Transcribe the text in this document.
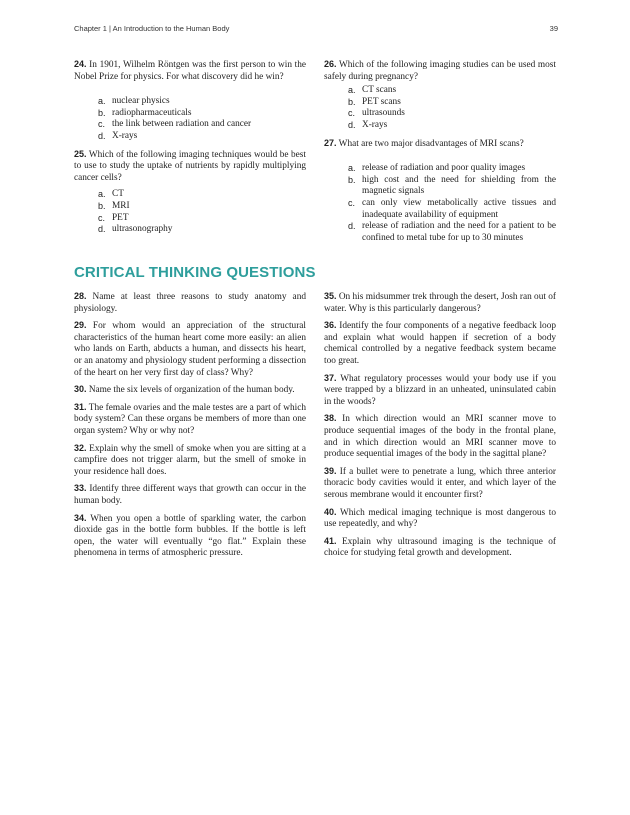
Chapter 1 | An Introduction to the Human Body	39

24. In 1901, Wilhelm Röntgen was the first person to win the Nobel Prize for physics. For what discovery did he win?

a. nuclear physics
b. radiopharmaceuticals
c. the link between radiation and cancer
d. X-rays

25. Which of the following imaging techniques would be best to use to study the uptake of nutrients by rapidly multiplying cancer cells?

a. CT
b. MRI
c. PET
d. ultrasonography

26. Which of the following imaging studies can be used most safely during pregnancy?

a. CT scans
b. PET scans
c. ultrasounds
d. X-rays

27. What are two major disadvantages of MRI scans?

a. release of radiation and poor quality images
b. high cost and the need for shielding from the magnetic signals
c. can only view metabolically active tissues and inadequate availability of equipment
d. release of radiation and the need for a patient to be confined to metal tube for up to 30 minutes
CRITICAL THINKING QUESTIONS

28. Name at least three reasons to study anatomy and physiology.

29. For whom would an appreciation of the structural characteristics of the human heart come more easily: an alien who lands on Earth, abducts a human, and dissects his heart, or an anatomy and physiology student performing a dissection of the heart on her very first day of class? Why?

30. Name the six levels of organization of the human body.

31. The female ovaries and the male testes are a part of which body system? Can these organs be members of more than one organ system? Why or why not?

32. Explain why the smell of smoke when you are sitting at a campfire does not trigger alarm, but the smell of smoke in your residence hall does.

33. Identify three different ways that growth can occur in the human body.

34. When you open a bottle of sparkling water, the carbon dioxide gas in the bottle form bubbles. If the bottle is left open, the water will eventually “go flat.” Explain these phenomena in terms of atmospheric pressure.

35. On his midsummer trek through the desert, Josh ran out of water. Why is this particularly dangerous?

36. Identify the four components of a negative feedback loop and explain what would happen if secretion of a body chemical controlled by a negative feedback system became too great.

37. What regulatory processes would your body use if you were trapped by a blizzard in an unheated, uninsulated cabin in the woods?

38. In which direction would an MRI scanner move to produce sequential images of the body in the frontal plane, and in which direction would an MRI scanner move to produce sequential images of the body in the sagittal plane?

39. If a bullet were to penetrate a lung, which three anterior thoracic body cavities would it enter, and which layer of the serous membrane would it encounter first?

40. Which medical imaging technique is most dangerous to use repeatedly, and why?

41. Explain why ultrasound imaging is the technique of choice for studying fetal growth and development.
